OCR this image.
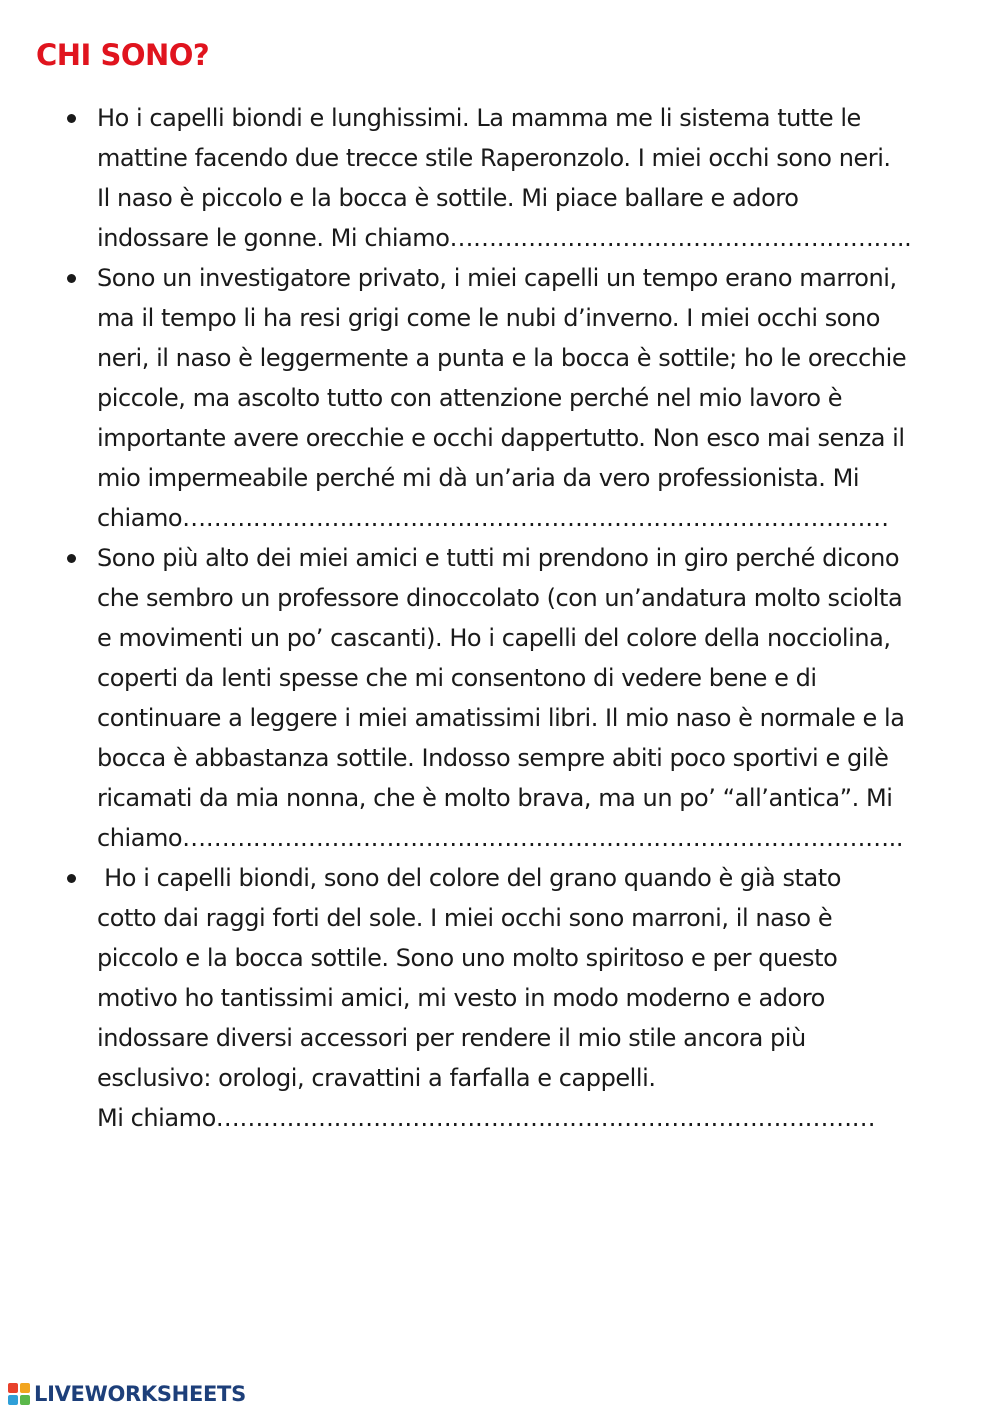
CHI SONO?

Ho i capelli biondi e lunghissimi. La mamma me li sistema tutte le
mattine facendo due trecce stile Raperonzolo. I miei occhi sono neri.
Il naso è piccolo e la bocca è sottile. Mi piace ballare e adoro
indossare le gonne. Mi chiamo…………………………………………………..

Sono un investigatore privato, i miei capelli un tempo erano marroni,
ma il tempo li ha resi grigi come le nubi d’inverno. I miei occhi sono
neri, il naso è leggermente a punta e la bocca è sottile; ho le orecchie
piccole, ma ascolto tutto con attenzione perché nel mio lavoro è
importante avere orecchie e occhi dappertutto. Non esco mai senza il
mio impermeabile perché mi dà un’aria da vero professionista. Mi
chiamo………………………………………………………………………………

Sono più alto dei miei amici e tutti mi prendono in giro perché dicono
che sembro un professore dinoccolato (con un’andatura molto sciolta
e movimenti un po’ cascanti). Ho i capelli del colore della nocciolina,
coperti da lenti spesse che mi consentono di vedere bene e di
continuare a leggere i miei amatissimi libri. Il mio naso è normale e la
bocca è abbastanza sottile. Indosso sempre abiti poco sportivi e gilè
ricamati da mia nonna, che è molto brava, ma un po’ “all’antica”. Mi
chiamo………………………………………………………………………………..

Ho i capelli biondi, sono del colore del grano quando è già stato
cotto dai raggi forti del sole. I miei occhi sono marroni, il naso è
piccolo e la bocca sottile. Sono uno molto spiritoso e per questo
motivo ho tantissimi amici, mi vesto in modo moderno e adoro
indossare diversi accessori per rendere il mio stile ancora più
esclusivo: orologi, cravattini a farfalla e cappelli.
Mi chiamo…………………………………………………………………………

LIVEWORKSHEETS
